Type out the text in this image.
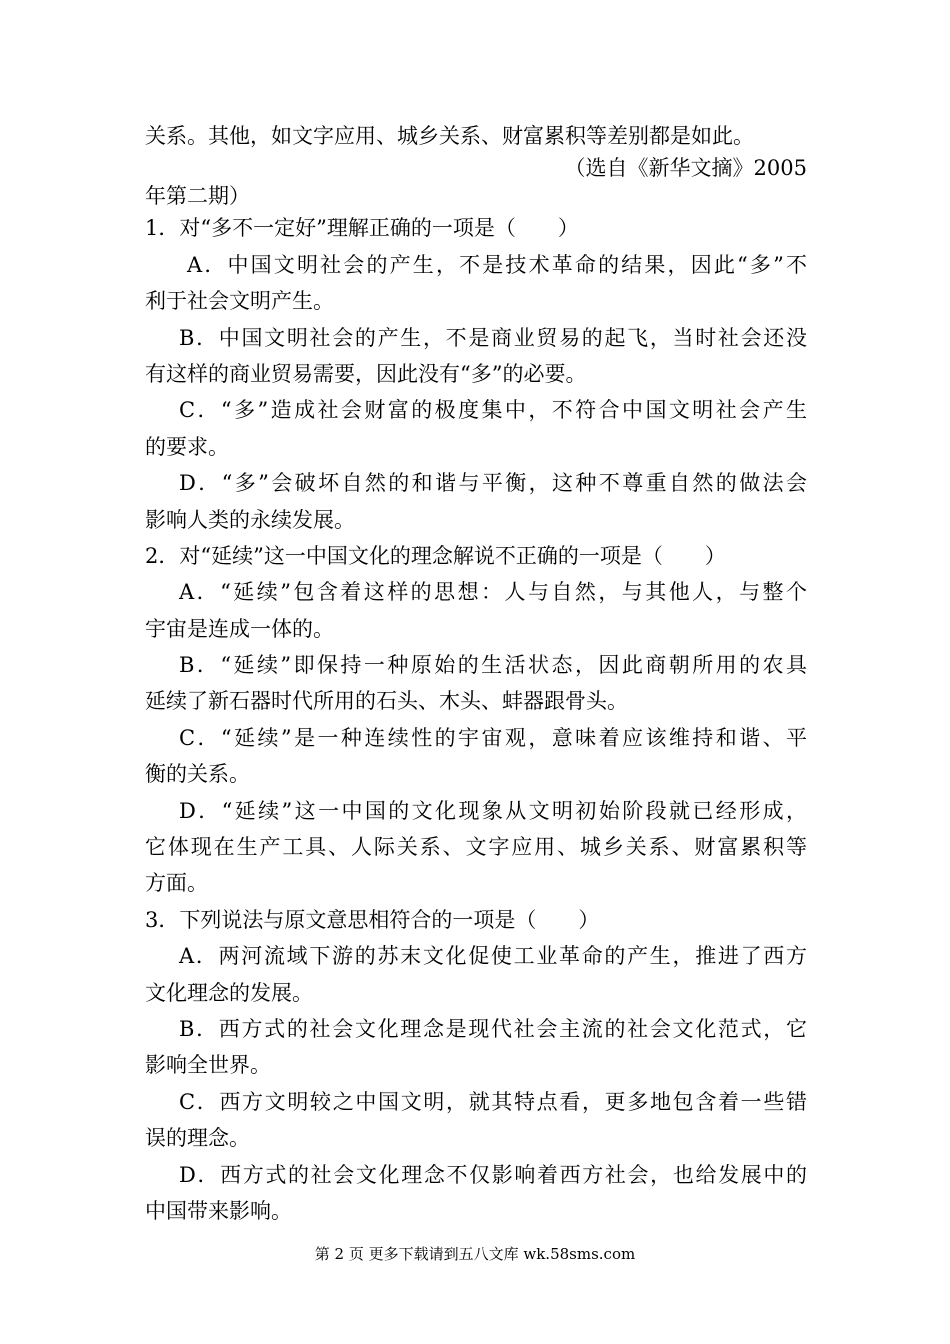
关系。其他，如文字应用、城乡关系、财富累积等差别都是如此。
（选自《新华文摘》2005
年第二期）
1．对“多不一定好”理解正确的一项是（　　）
A．中国文明社会的产生，不是技术革命的结果，因此“多”不
利于社会文明产生。
B．中国文明社会的产生，不是商业贸易的起飞，当时社会还没
有这样的商业贸易需要，因此没有“多”的必要。
C．“多”造成社会财富的极度集中，不符合中国文明社会产生
的要求。
D．“多”会破坏自然的和谐与平衡，这种不尊重自然的做法会
影响人类的永续发展。
2．对“延续”这一中国文化的理念解说不正确的一项是（　　）
A．“延续”包含着这样的思想：人与自然，与其他人，与整个
宇宙是连成一体的。
B．“延续”即保持一种原始的生活状态，因此商朝所用的农具
延续了新石器时代所用的石头、木头、蚌器跟骨头。
C．“延续”是一种连续性的宇宙观，意味着应该维持和谐、平
衡的关系。
D．“延续”这一中国的文化现象从文明初始阶段就已经形成，
它体现在生产工具、人际关系、文字应用、城乡关系、财富累积等
方面。
3．下列说法与原文意思相符合的一项是（　　）
A．两河流域下游的苏末文化促使工业革命的产生，推进了西方
文化理念的发展。
B．西方式的社会文化理念是现代社会主流的社会文化范式，它
影响全世界。
C．西方文明较之中国文明，就其特点看，更多地包含着一些错
误的理念。
D．西方式的社会文化理念不仅影响着西方社会，也给发展中的
中国带来影响。
第 2 页 更多下载请到五八文库 wk.58sms.com
